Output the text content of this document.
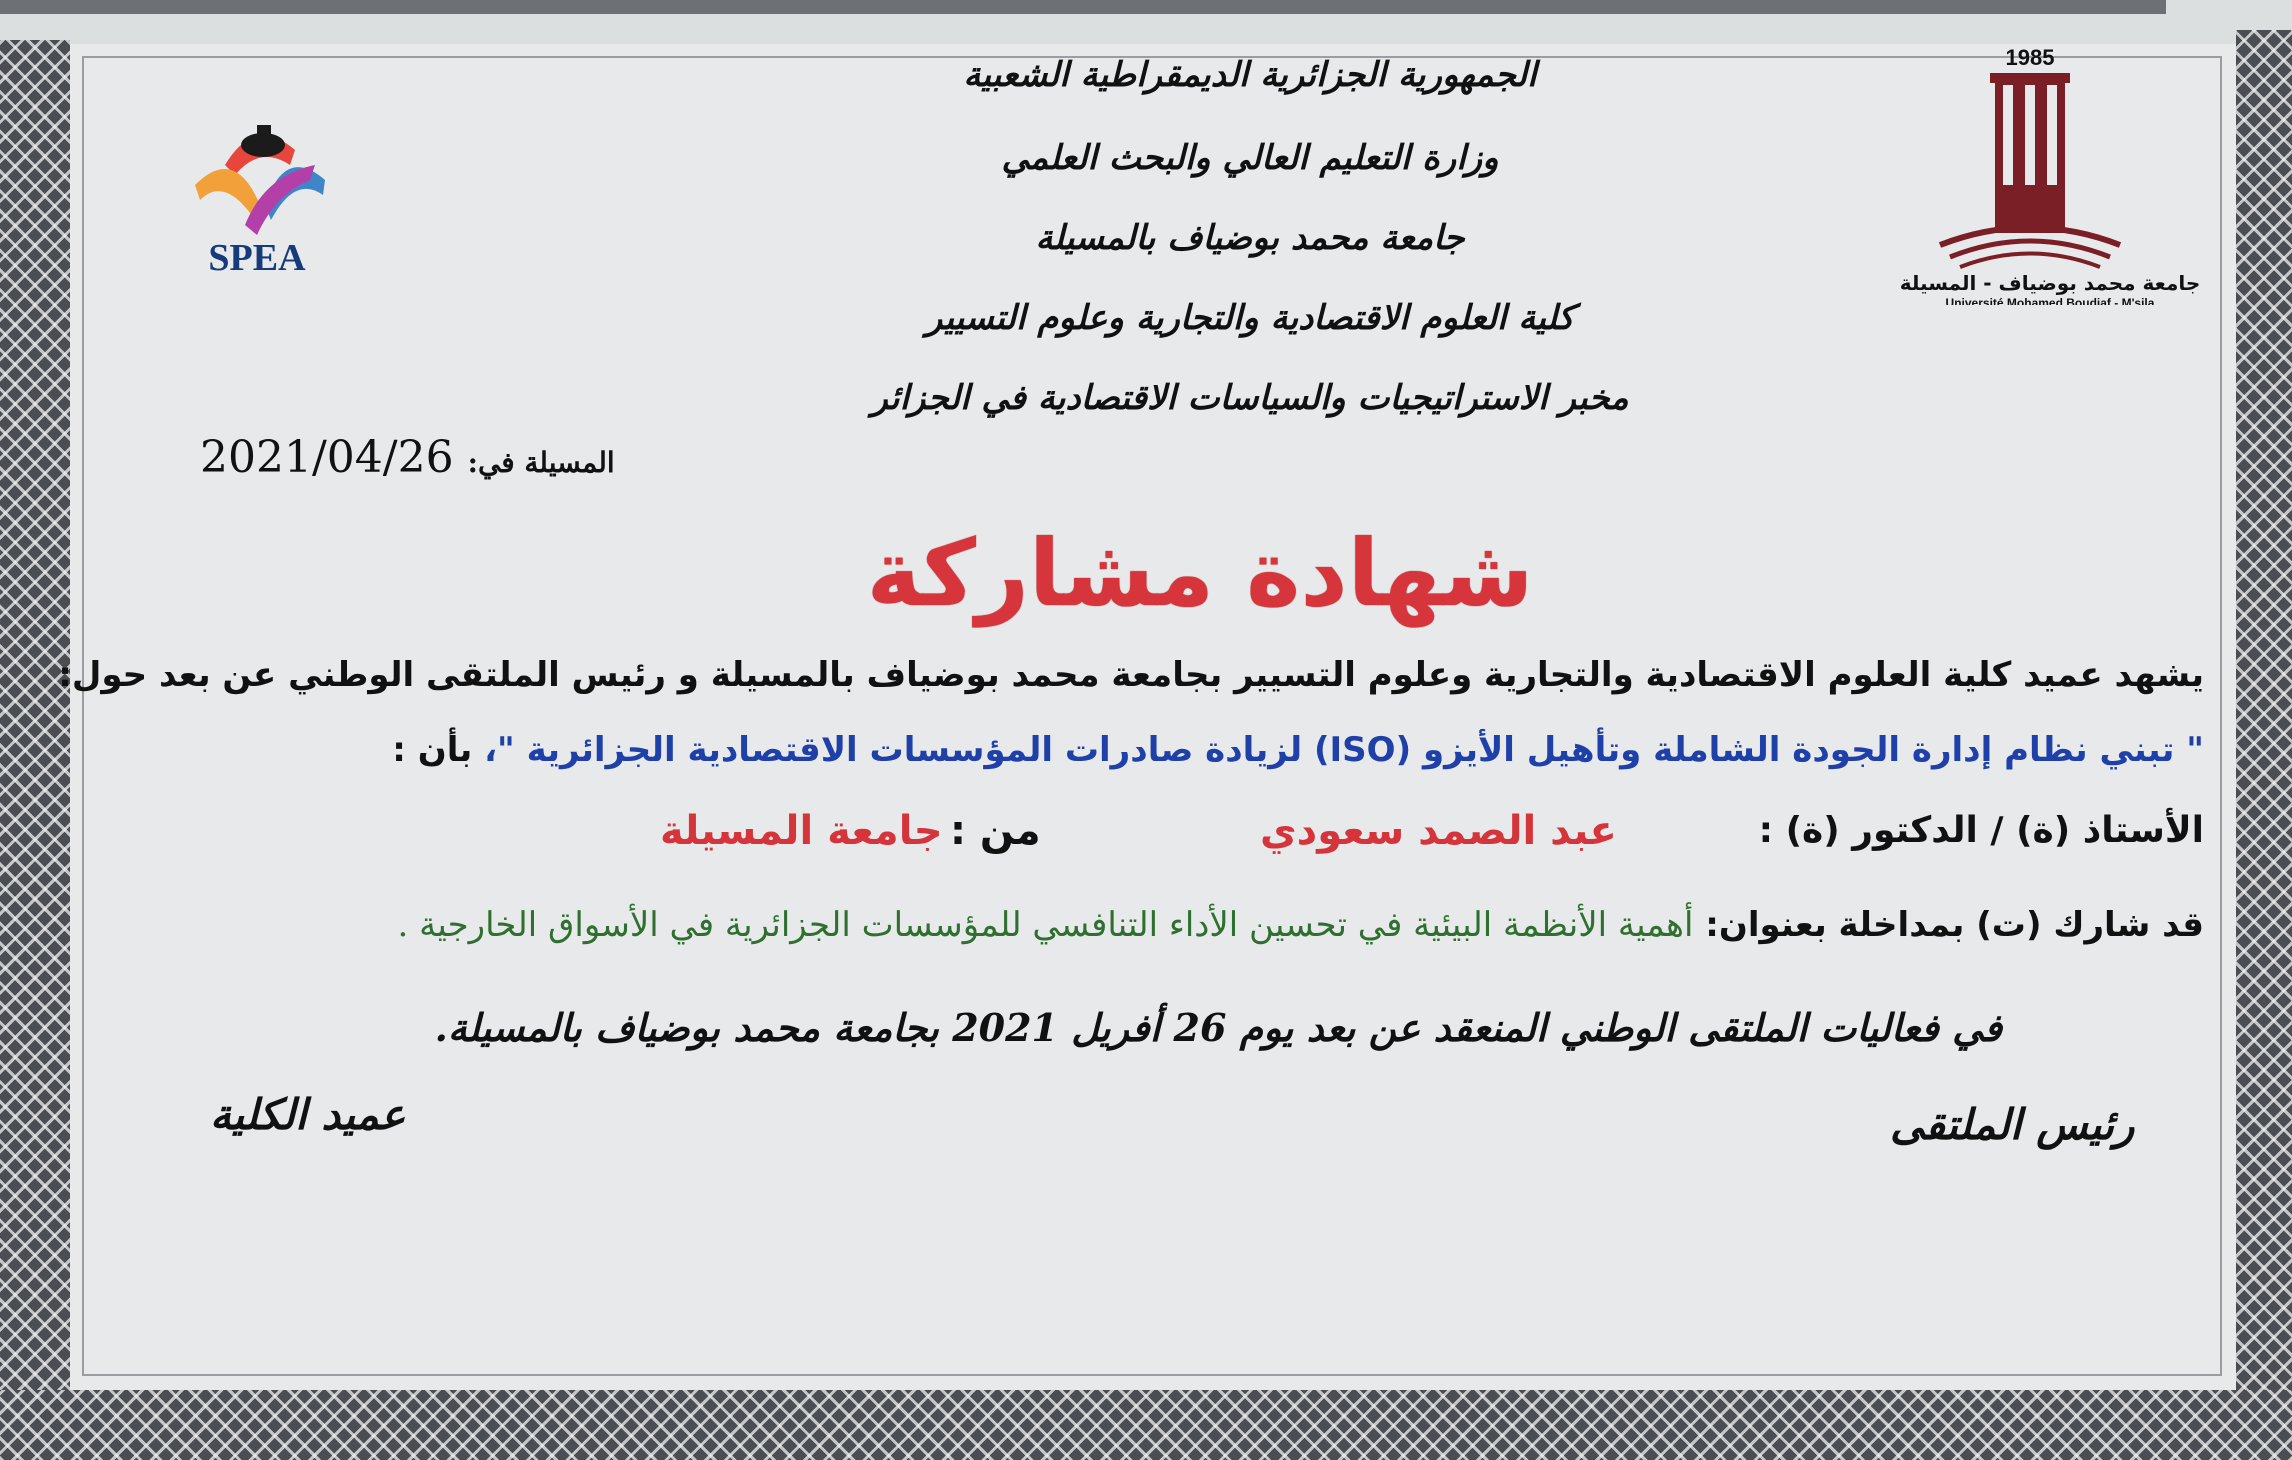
SPEA
1985
جامعة محمد بوضياف - المسيلة
Université Mohamed Boudiaf - M'sila
الجمهورية الجزائرية الديمقراطية الشعبية
وزارة التعليم العالي والبحث العلمي
جامعة محمد بوضياف بالمسيلة
كلية العلوم الاقتصادية والتجارية وعلوم التسيير
مخبر الاستراتيجيات والسياسات الاقتصادية في الجزائر
المسيلة في: 2021/04/26
شهادة مشاركة
يشهد عميد كلية العلوم الاقتصادية والتجارية وعلوم التسيير بجامعة محمد بوضياف بالمسيلة و رئيس الملتقى الوطني عن بعد حول:
" تبني نظام إدارة الجودة الشاملة وتأهيل الأيزو (ISO) لزيادة صادرات المؤسسات الاقتصادية الجزائرية "، بأن :
الأستاذ (ة) / الدكتور (ة) :
عبد الصمد سعودي
من :
جامعة المسيلة
قد شارك (ت) بمداخلة بعنوان: أهمية الأنظمة البيئية في تحسين الأداء التنافسي للمؤسسات الجزائرية في الأسواق الخارجية .
في فعاليات الملتقى الوطني المنعقد عن بعد يوم 26 أفريل 2021 بجامعة محمد بوضياف بالمسيلة.
عميد الكلية	رئيس الملتقى
